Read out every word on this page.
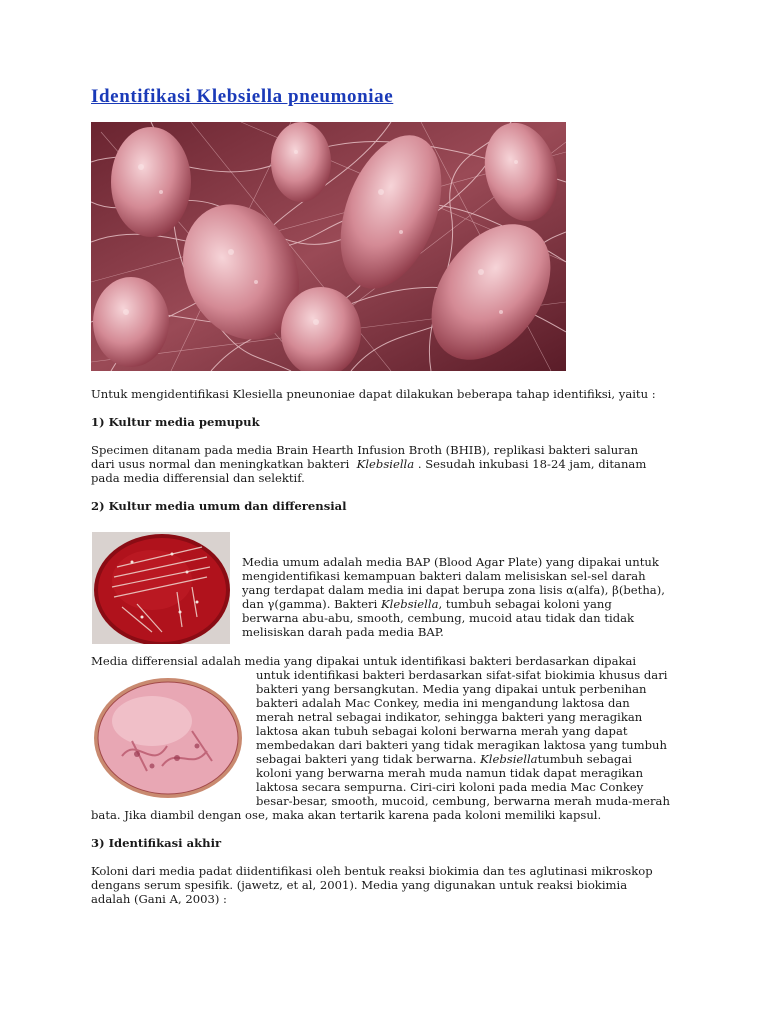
Identifikasi Klebsiella pneumoniae
Untuk mengidentifikasi Klesiella pneunoniae dapat dilakukan beberapa tahap identifiksi, yaitu :
1) Kultur media pemupuk
Specimen ditanam pada media Brain Hearth Infusion Broth (BHIB), replikasi bakteri saluran
dari usus normal dan meningkatkan bakteri Klebsiella . Sesudah inkubasi 18-24 jam, ditanam
pada media differensial dan selektif.
2) Kultur media umum dan differensial
Media umum adalah media BAP (Blood Agar Plate) yang dipakai untuk
mengidentifikasi kemampuan bakteri dalam melisiskan sel-sel darah
yang terdapat dalam media ini dapat berupa zona lisis α(alfa), β(betha),
dan γ(gamma). Bakteri Klebsiella, tumbuh sebagai koloni yang
berwarna abu-abu, smooth, cembung, mucoid atau tidak dan tidak
melisiskan darah pada media BAP.
Media differensial adalah media yang dipakai untuk identifikasi bakteri berdasarkan dipakai
untuk identifikasi bakteri berdasarkan sifat-sifat biokimia khusus dari
bakteri yang bersangkutan. Media yang dipakai untuk perbenihan
bakteri adalah Mac Conkey, media ini mengandung laktosa dan
merah netral sebagai indikator, sehingga bakteri yang meragikan
laktosa akan tubuh sebagai koloni berwarna merah yang dapat
membedakan dari bakteri yang tidak meragikan laktosa yang tumbuh
sebagai bakteri yang tidak berwarna. Klebsiellatumbuh sebagai
koloni yang berwarna merah muda namun tidak dapat meragikan
laktosa secara sempurna. Ciri-ciri koloni pada media Mac Conkey
besar-besar, smooth, mucoid, cembung, berwarna merah muda-merah
bata. Jika diambil dengan ose, maka akan tertarik karena pada koloni memiliki kapsul.
3) Identifikasi akhir
Koloni dari media padat diidentifikasi oleh bentuk reaksi biokimia dan tes aglutinasi mikroskop
dengans serum spesifik. (jawetz, et al, 2001). Media yang digunakan untuk reaksi biokimia
adalah (Gani A, 2003) :
